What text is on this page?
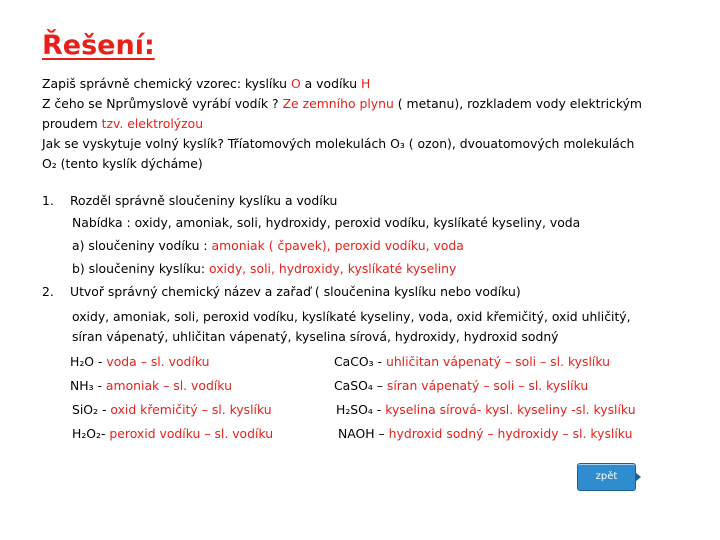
Řešení:
Zapiš správně chemický vzorec: kyslíku O a vodíku H
Z čeho se Nprůmyslově vyrábí vodík ? Ze zemního plynu ( metanu), rozkladem vody elektrickým
proudem tzv. elektrolýzou
Jak se vyskytuje volný kyslík? Tříatomových molekulách O₃ ( ozon), dvouatomových molekulách
O₂ (tento kyslík dýcháme)
1. Rozděl správně sloučeniny kyslíku a vodíku
Nabídka : oxidy, amoniak, soli, hydroxidy, peroxid vodíku, kyslíkaté kyseliny, voda
a) sloučeniny vodíku : amoniak ( čpavek), peroxid vodíku, voda
b) sloučeniny kyslíku: oxidy, soli, hydroxidy, kyslíkaté kyseliny
2. Utvoř správný chemický název a zařaď ( sloučenina kyslíku nebo vodíku)
oxidy, amoniak, soli, peroxid vodíku, kyslíkaté kyseliny, voda, oxid křemičitý, oxid uhličitý,
síran vápenatý, uhličitan vápenatý, kyselina sírová, hydroxidy, hydroxid sodný
H₂O - voda – sl. vodíku
NH₃ - amoniak – sl. vodíku
SiO₂ - oxid křemičitý – sl. kyslíku
H₂O₂- peroxid vodíku – sl. vodíku
CaCO₃ - uhličitan vápenatý – soli – sl. kyslíku
CaSO₄ – síran vápenatý – soli – sl. kyslíku
H₂SO₄ - kyselina sírová- kysl. kyseliny -sl. kyslíku
NAOH – hydroxid sodný – hydroxidy – sl. kyslíku
zpět
